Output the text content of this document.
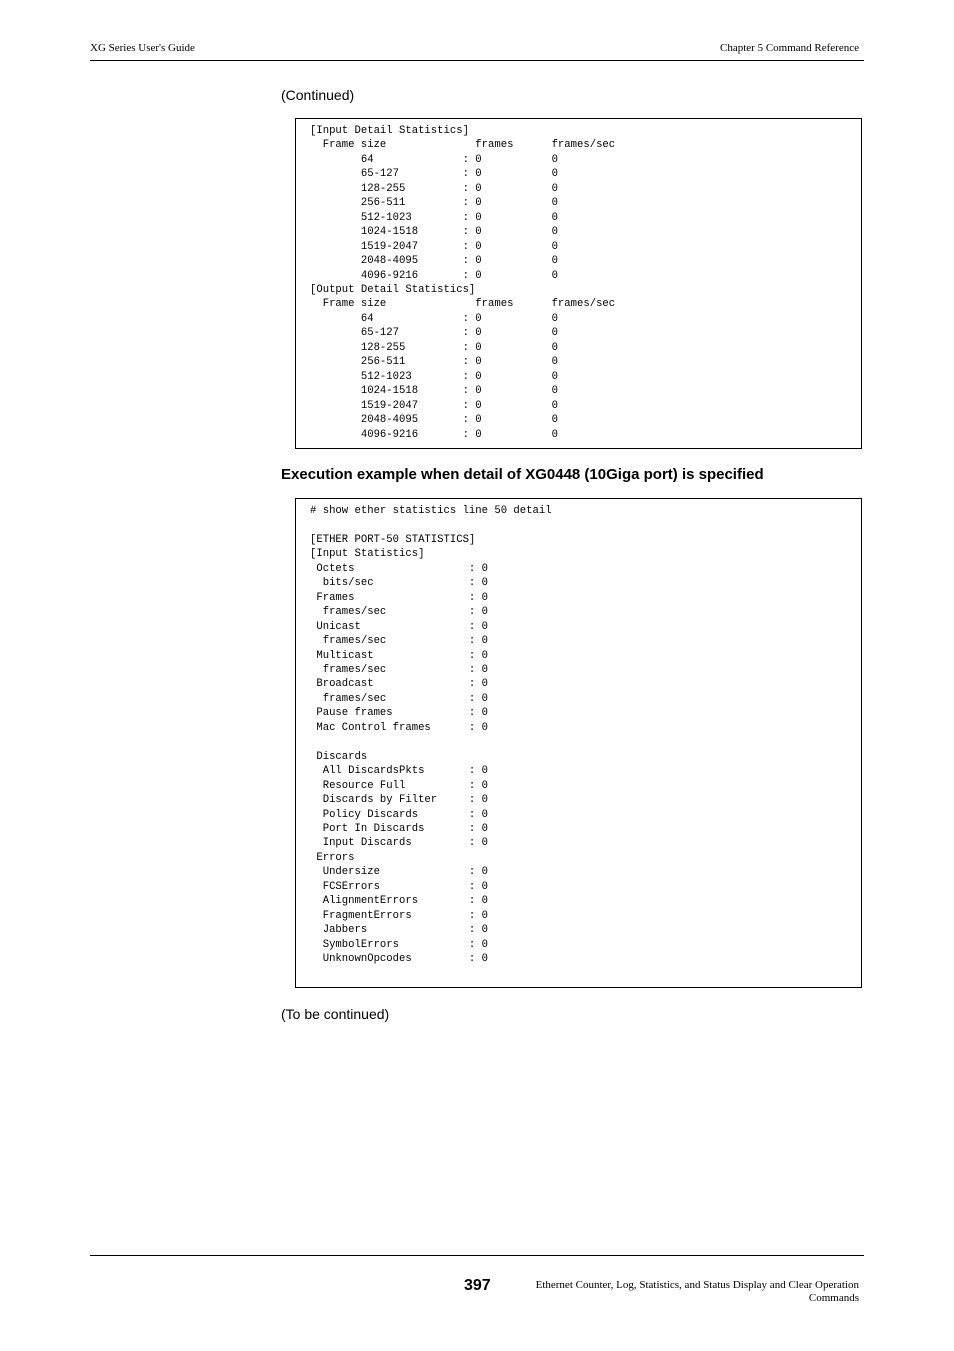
XG Series User's Guide	Chapter 5 Command Reference
(Continued)
[Input Detail Statistics]
Frame size              frames      frames/sec
64              : 0           0
65-127          : 0           0
128-255         : 0           0
256-511         : 0           0
512-1023        : 0           0
1024-1518       : 0           0
1519-2047       : 0           0
2048-4095       : 0           0
4096-9216       : 0           0
[Output Detail Statistics]
Frame size              frames      frames/sec
64              : 0           0
65-127          : 0           0
128-255         : 0           0
256-511         : 0           0
512-1023        : 0           0
1024-1518       : 0           0
1519-2047       : 0           0
2048-4095       : 0           0
4096-9216       : 0           0
Execution example when detail of XG0448 (10Giga port) is specified
# show ether statistics line 50 detail

[ETHER PORT-50 STATISTICS]
[Input Statistics]
Octets                  : 0
bits/sec               : 0
Frames                  : 0
frames/sec             : 0
Unicast                 : 0
frames/sec             : 0
Multicast               : 0
frames/sec             : 0
Broadcast               : 0
frames/sec             : 0
Pause frames            : 0
Mac Control frames      : 0

Discards
All DiscardsPkts       : 0
Resource Full          : 0
Discards by Filter     : 0
Policy Discards        : 0
Port In Discards       : 0
Input Discards         : 0
Errors
Undersize              : 0
FCSErrors              : 0
AlignmentErrors        : 0
FragmentErrors         : 0
Jabbers                : 0
SymbolErrors           : 0
UnknownOpcodes         : 0
(To be continued)
397	Ethernet Counter, Log, Statistics, and Status Display and Clear Operation
Commands
